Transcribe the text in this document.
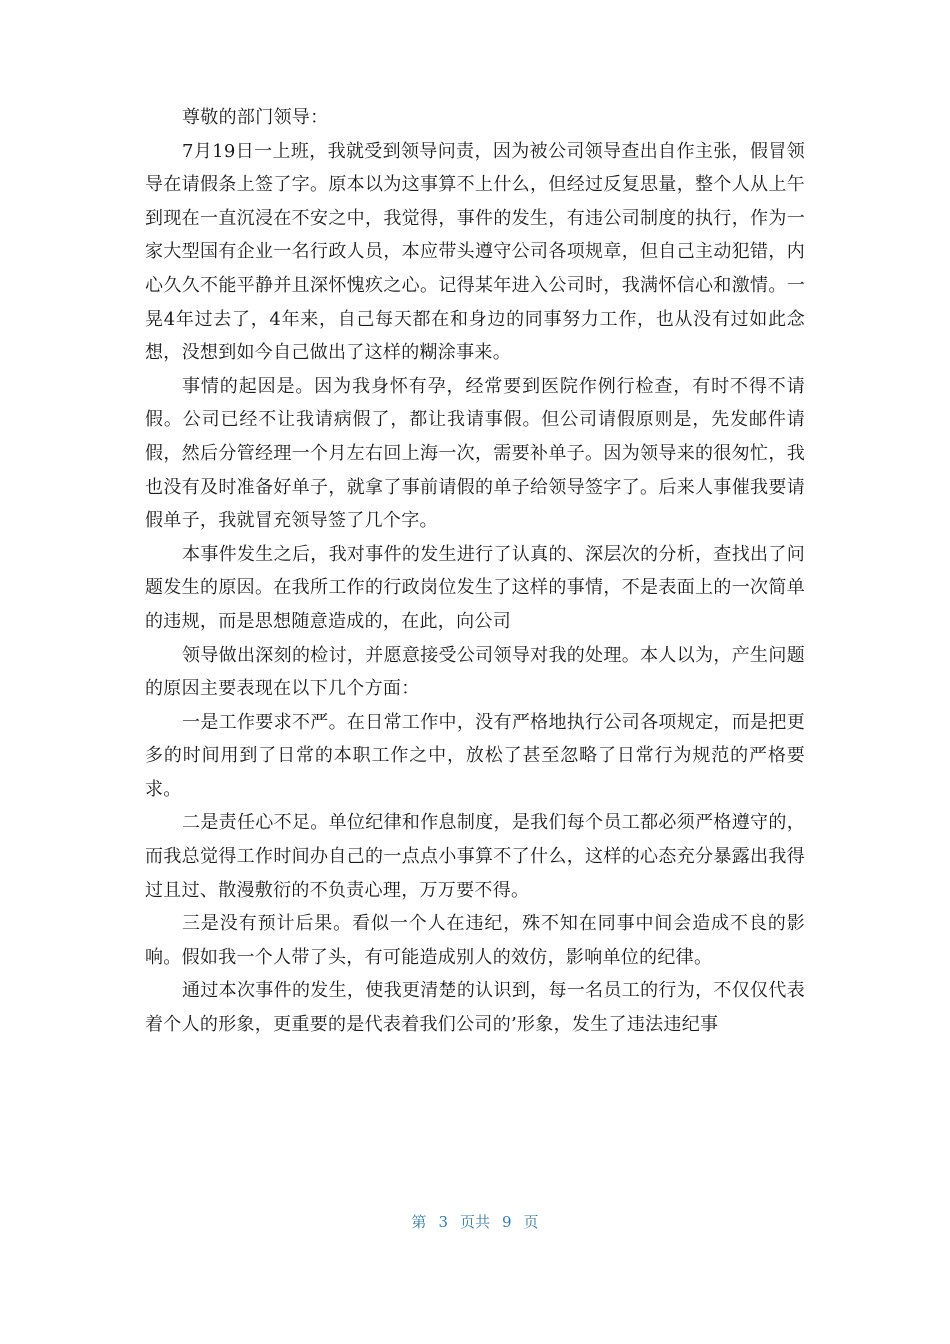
尊敬的部门领导：

7月19日一上班，我就受到领导问责，因为被公司领导查出自作主张，假冒领导在请假条上签了字。原本以为这事算不上什么，但经过反复思量，整个人从上午到现在一直沉浸在不安之中，我觉得，事件的发生，有违公司制度的执行，作为一家大型国有企业一名行政人员，本应带头遵守公司各项规章，但自己主动犯错，内心久久不能平静并且深怀愧疚之心。记得某年进入公司时，我满怀信心和激情。一晃4年过去了，4年来，自己每天都在和身边的同事努力工作，也从没有过如此念想，没想到如今自己做出了这样的糊涂事来。

事情的起因是。因为我身怀有孕，经常要到医院作例行检查，有时不得不请假。公司已经不让我请病假了，都让我请事假。但公司请假原则是，先发邮件请假，然后分管经理一个月左右回上海一次，需要补单子。因为领导来的很匆忙，我也没有及时准备好单子，就拿了事前请假的单子给领导签字了。后来人事催我要请假单子，我就冒充领导签了几个字。

本事件发生之后，我对事件的发生进行了认真的、深层次的分析，查找出了问题发生的原因。在我所工作的行政岗位发生了这样的事情，不是表面上的一次简单的违规，而是思想随意造成的，在此，向公司

领导做出深刻的检讨，并愿意接受公司领导对我的处理。本人以为，产生问题的原因主要表现在以下几个方面：

一是工作要求不严。在日常工作中，没有严格地执行公司各项规定，而是把更多的时间用到了日常的本职工作之中，放松了甚至忽略了日常行为规范的严格要求。

二是责任心不足。单位纪律和作息制度，是我们每个员工都必须严格遵守的，而我总觉得工作时间办自己的一点点小事算不了什么，这样的心态充分暴露出我得过且过、散漫敷衍的不负责心理，万万要不得。

三是没有预计后果。看似一个人在违纪，殊不知在同事中间会造成不良的影响。假如我一个人带了头，有可能造成别人的效仿，影响单位的纪律。

通过本次事件的发生，使我更清楚的认识到，每一名员工的行为，不仅仅代表着个人的形象，更重要的是代表着我们公司的’形象，发生了违法违纪事

第 3 页共 9 页
